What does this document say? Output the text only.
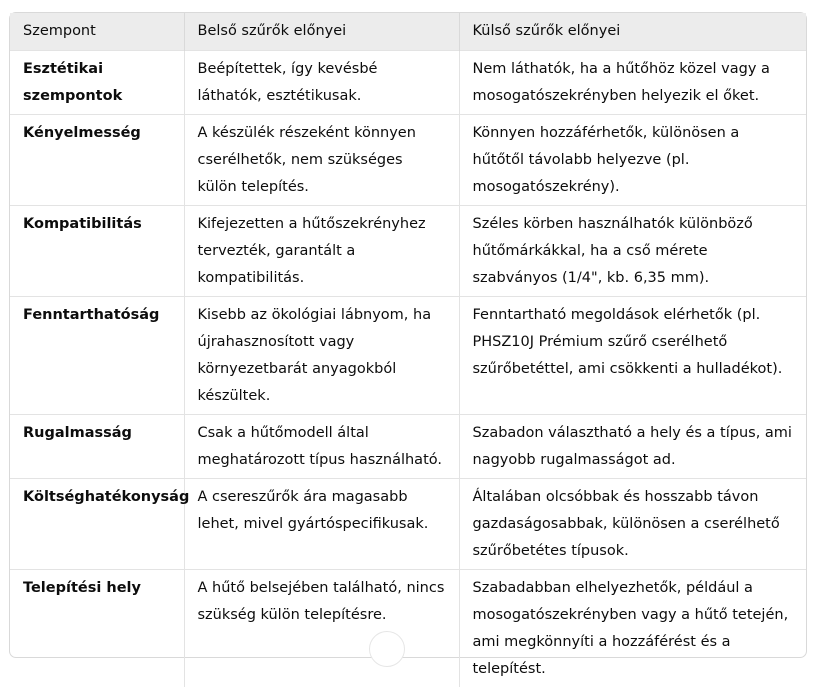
Szempont	Belső szűrők előnyei	Külső szűrők előnyei
Esztétikai szempontok	Beépítettek, így kevésbé láthatók, esztétikusak.	Nem láthatók, ha a hűtőhöz közel vagy a mosogatószekrényben helyezik el őket.
Kényelmesség	A készülék részeként könnyen cserélhetők, nem szükséges külön telepítés.	Könnyen hozzáférhetők, különösen a hűtőtől távolabb helyezve (pl. mosogatószekrény).
Kompatibilitás	Kifejezetten a hűtőszekrényhez tervezték, garantált a kompatibilitás.	Széles körben használhatók különböző hűtőmárkákkal, ha a cső mérete szabványos (1/4", kb. 6,35 mm).
Fenntarthatóság	Kisebb az ökológiai lábnyom, ha újrahasznosított vagy környezetbarát anyagokból készültek.	Fenntartható megoldások elérhetők (pl. PHSZ10J Prémium szűrő cserélhető szűrőbetéttel, ami csökkenti a hulladékot).
Rugalmasság	Csak a hűtőmodell által meghatározott típus használható.	Szabadon választható a hely és a típus, ami nagyobb rugalmasságot ad.
Költséghatékonyság	A csereszűrők ára magasabb lehet, mivel gyártóspecifikusak.	Általában olcsóbbak és hosszabb távon gazdaságosabbak, különösen a cserélhető szűrőbetétes típusok.
Telepítési hely	A hűtő belsejében található, nincs szükség külön telepítésre.	Szabadabban elhelyezhetők, például a mosogatószekrényben vagy a hűtő tetején, ami megkönnyíti a hozzáférést és a telepítést.
